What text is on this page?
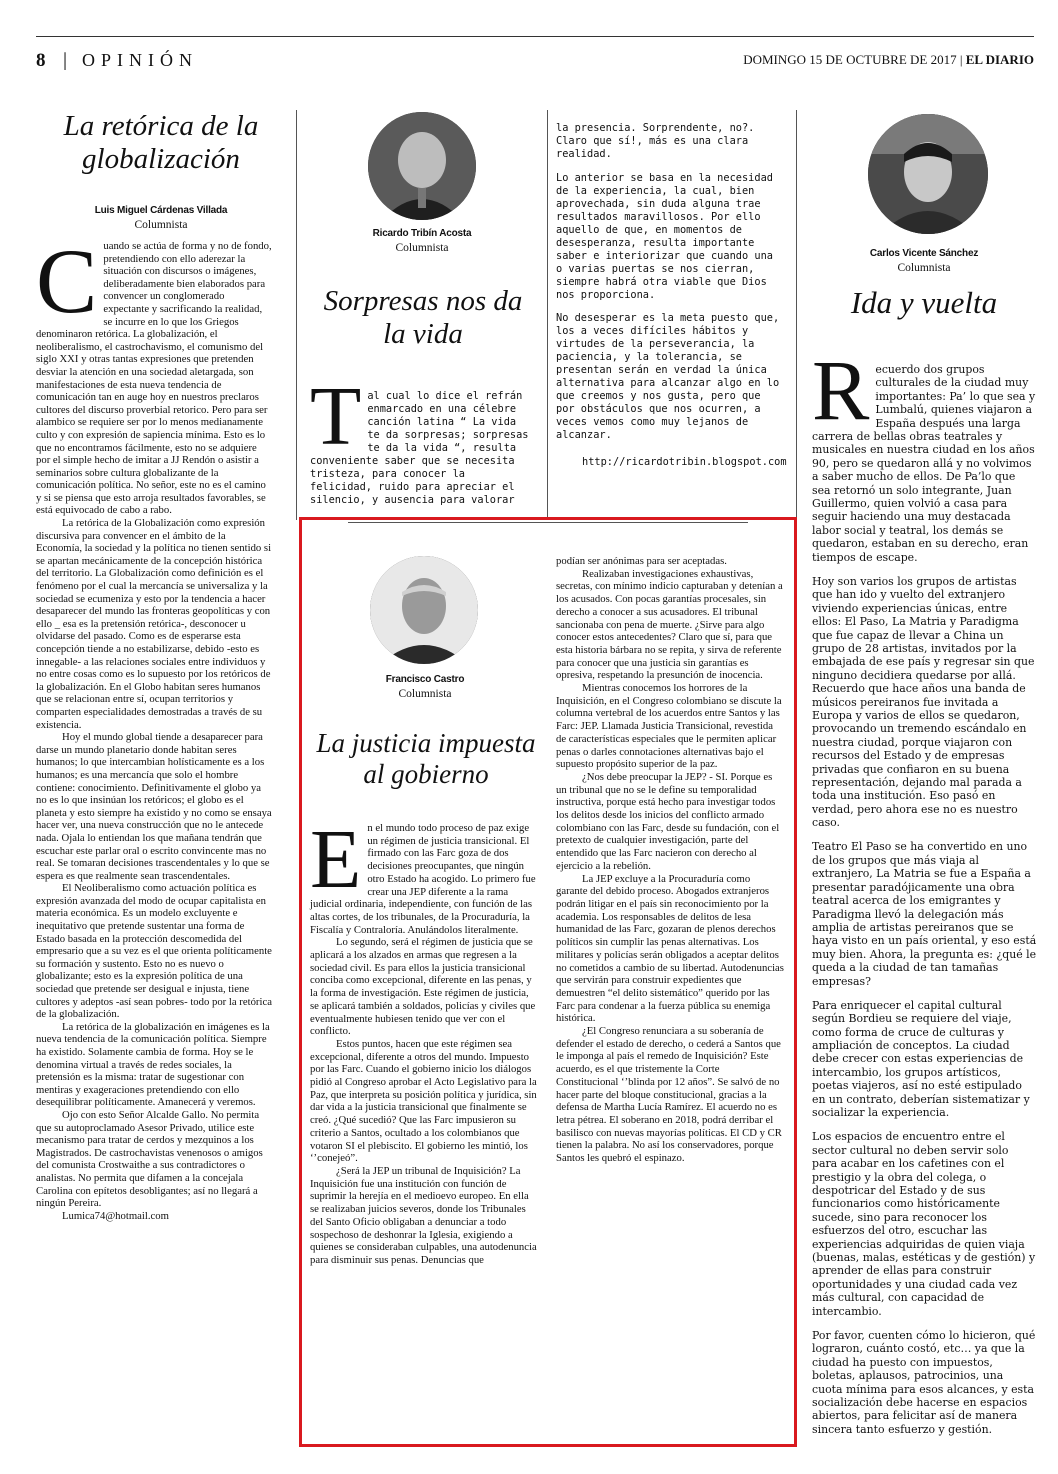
8 | OPINIÓN	DOMINGO 15 DE OCTUBRE DE 2017 | EL DIARIO
La retórica de la
globalización
Luis Miguel Cárdenas Villada
Columnista
C uando se actúa de forma y no de fondo, pretendiendo con ello aderezar la situación con discursos o imágenes, deliberadamente bien elaborados para convencer un conglomerado expectante y sacrificando la realidad, se incurre en lo que los Griegos denominaron retórica. La globalización, el neoliberalismo, el castrochavismo, el comunismo del siglo XXI y otras tantas expresiones que pretenden desviar la atención en una sociedad aletargada, son manifestaciones de esta nueva tendencia de comunicación tan en auge hoy en nuestros preclaros cultores del discurso proverbial retorico. Pero para ser alambico se requiere ser por lo menos medianamente culto y con expresión de sapiencia mínima. Esto es lo que no encontramos fácilmente, esto no se adquiere por el simple hecho de imitar a JJ Rendón o asistir a seminarios sobre cultura globalizante de la comunicación política. No señor, este no es el camino y si se piensa que esto arroja resultados favorables, se está equivocado de cabo a rabo.

La retórica de la Globalización como expresión discursiva para convencer en el ámbito de la Economía, la sociedad y la política no tienen sentido si se apartan mecánicamente de la concepción histórica del territorio. La Globalización como definición es el fenómeno por el cual la mercancía se universaliza y la sociedad se ecumeniza y esto por la tendencia a hacer desaparecer del mundo las fronteras geopolíticas y con ello _ esa es la pretensión retórica-, desconocer u olvidarse del pasado. Como es de esperarse esta concepción tiende a no estabilizarse, debido -esto es innegable- a las relaciones sociales entre individuos y no entre cosas como es lo supuesto por los retóricos de la globalización. En el Globo habitan seres humanos que se relacionan entre sí, ocupan territorios y comparten especialidades demostradas a través de su existencia.

Hoy el mundo global tiende a desaparecer para darse un mundo planetario donde habitan seres humanos; lo que intercambian holísticamente es a los humanos; es una mercancía que solo el hombre contiene: conocimiento. Definitivamente el globo ya no es lo que insinúan los retóricos; el globo es el planeta y esto siempre ha existido y no como se ensaya hacer ver, una nueva construcción que no le antecede nada. Ojala lo entiendan los que mañana tendrán que escuchar este parlar oral o escrito convincente mas no real. Se tomaran decisiones trascendentales y lo que se espera es que realmente sean trascendentales.

El Neoliberalismo como actuación política es expresión avanzada del modo de ocupar capitalista en materia económica. Es un modelo excluyente e inequitativo que pretende sustentar una forma de Estado basada en la protección descomedida del empresario que a su vez es el que orienta políticamente su formación y sustento. Esto no es nuevo o globalizante; esto es la expresión política de una sociedad que pretende ser desigual e injusta, tiene cultores y adeptos -así sean pobres- todo por la retórica de la globalización.

La retórica de la globalización en imágenes es la nueva tendencia de la comunicación política. Siempre ha existido. Solamente cambia de forma. Hoy se le denomina virtual a través de redes sociales, la pretensión es la misma: tratar de sugestionar con mentiras y exageraciones pretendiendo con ello desequilibrar políticamente. Amanecerá y veremos.

Ojo con esto Señor Alcalde Gallo. No permita que su autoproclamado Asesor Privado, utilice este mecanismo para tratar de cerdos y mezquinos a los Magistrados. De castrochavistas venenosos o amigos del comunista Crostwaithe a sus contradictores o analistas. No permita que difamen a la concejala Carolina con epítetos desobligantes; así no llegará a ningún Pereira.

Lumica74@hotmail.com
Ricardo Tribín Acosta
Columnista
Sorpresas nos da
la vida
T al cual lo dice el refrán enmarcado en una célebre canción latina “ La vida te da sorpresas; sorpresas te da la vida “, resulta conveniente saber que se necesita tristeza, para conocer la felicidad, ruido para apreciar el silencio, y ausencia para valorar

la presencia. Sorprendente, no?. Claro que sí!, más es una clara realidad.

Lo anterior se basa en la necesidad de la experiencia, la cual, bien aprovechada, sin duda alguna trae resultados maravillosos. Por ello aquello de que, en momentos de desesperanza, resulta importante saber e interiorizar que cuando una o varias puertas se nos cierran, siempre habrá otra viable que Dios nos proporciona.

No desesperar es la meta puesto que, los a veces difíciles hábitos y virtudes de la perseverancia, la paciencia, y la tolerancia, se presentan serán en verdad la única alternativa para alcanzar algo en lo que creemos y nos gusta, pero que por obstáculos que nos ocurren, a veces vemos como muy lejanos de alcanzar.

http://ricardotribin.blogspot.com
Carlos Vicente Sánchez
Columnista
Ida y vuelta
R ecuerdo dos grupos culturales de la ciudad muy importantes: Pa’ lo que sea y Lumbalú, quienes viajaron a España después una larga carrera de bellas obras teatrales y musicales en nuestra ciudad en los años 90, pero se quedaron allá y no volvimos a saber mucho de ellos. De Pa’lo que sea retornó un solo integrante, Juan Guillermo, quien volvió a casa para seguir haciendo una muy destacada labor social y teatral, los demás se quedaron, estaban en su derecho, eran tiempos de escape.

Hoy son varios los grupos de artistas que han ido y vuelto del extranjero viviendo experiencias únicas, entre ellos: El Paso, La Matria y Paradigma que fue capaz de llevar a China un grupo de 28 artistas, invitados por la embajada de ese país y regresar sin que ninguno decidiera quedarse por allá. Recuerdo que hace años una banda de músicos pereiranos fue invitada a Europa y varios de ellos se quedaron, provocando un tremendo escándalo en nuestra ciudad, porque viajaron con recursos del Estado y de empresas privadas que confiaron en su buena representación, dejando mal parada a toda una institución. Eso pasó en verdad, pero ahora ese no es nuestro caso.

Teatro El Paso se ha convertido en uno de los grupos que más viaja al extranjero, La Matria se fue a España a presentar paradójicamente una obra teatral acerca de los emigrantes y Paradigma llevó la delegación más amplia de artistas pereiranos que se haya visto en un país oriental, y eso está muy bien. Ahora, la pregunta es: ¿qué le queda a la ciudad de tan tamañas empresas?

Para enriquecer el capital cultural según Bordieu se requiere del viaje, como forma de cruce de culturas y ampliación de conceptos. La ciudad debe crecer con estas experiencias de intercambio, los grupos artísticos, poetas viajeros, así no esté estipulado en un contrato, deberían sistematizar y socializar la experiencia.

Los espacios de encuentro entre el sector cultural no deben servir solo para acabar en los cafetines con el prestigio y la obra del colega, o despotricar del Estado y de sus funcionarios como históricamente sucede, sino para reconocer los esfuerzos del otro, escuchar las experiencias adquiridas de quien viaja (buenas, malas, estéticas y de gestión) y aprender de ellas para construir oportunidades y una ciudad cada vez más cultural, con capacidad de intercambio.

Por favor, cuenten cómo lo hicieron, qué lograron, cuánto costó, etc… ya que la ciudad ha puesto con impuestos, boletas, aplausos, patrocinios, una cuota mínima para esos alcances, y esta socialización debe hacerse en espacios abiertos, para felicitar así de manera sincera tanto esfuerzo y gestión.

Francisco Castro
Columnista
La justicia impuesta
al gobierno
E n el mundo todo proceso de paz exige un régimen de justicia transicional. El firmado con las Farc goza de dos decisiones preocupantes, que ningún otro Estado ha acogido. Lo primero fue crear una JEP diferente a la rama judicial ordinaria, independiente, con función de las altas cortes, de los tribunales, de la Procuraduría, la Fiscalía y Contraloría. Anulándolos literalmente.

Lo segundo, será el régimen de justicia que se aplicará a los alzados en armas que regresen a la sociedad civil. Es para ellos la justicia transicional conciba como excepcional, diferente en las penas, y la forma de investigación. Este régimen de justicia, se aplicará también a soldados, policías y civiles que eventualmente hubiesen tenido que ver con el conflicto.

Estos puntos, hacen que este régimen sea excepcional, diferente a otros del mundo. Impuesto por las Farc. Cuando el gobierno inicio los diálogos pidió al Congreso aprobar el Acto Legislativo para la Paz, que interpreta su posición política y jurídica, sin dar vida a la justicia transicional que finalmente se creó. ¿Qué sucedió? Que las Farc impusieron su criterio a Santos, ocultado a los colombianos que votaron SI el plebiscito. El gobierno les mintió, los ‘’conejeó”.

¿Será la JEP un tribunal de Inquisición? La Inquisición fue una institución con función de suprimir la herejía en el medioevo europeo. En ella se realizaban juicios severos, donde los Tribunales del Santo Oficio obligaban a denunciar a todo sospechoso de deshonrar la Iglesia, exigiendo a quienes se consideraban culpables, una autodenuncia para disminuir sus penas. Denuncias que

podían ser anónimas para ser aceptadas.

Realizaban investigaciones exhaustivas, secretas, con mínimo indicio capturaban y detenían a los acusados. Con pocas garantías procesales, sin derecho a conocer a sus acusadores. El tribunal sancionaba con pena de muerte. ¿Sirve para algo conocer estos antecedentes? Claro que sí, para que esta historia bárbara no se repita, y sirva de referente para conocer que una justicia sin garantías es opresiva, respetando la presunción de inocencia.

Mientras conocemos los horrores de la Inquisición, en el Congreso colombiano se discute la columna vertebral de los acuerdos entre Santos y las Farc: JEP. Llamada Justicia Transicional, revestida de características especiales que le permiten aplicar penas o darles connotaciones alternativas bajo el supuesto propósito superior de la paz.

¿Nos debe preocupar la JEP? - SI. Porque es un tribunal que no se le define su temporalidad instructiva, porque está hecho para investigar todos los delitos desde los inicios del conflicto armado colombiano con las Farc, desde su fundación, con el pretexto de cualquier investigación, parte del entendido que las Farc nacieron con derecho al ejercicio a la rebelión.

La JEP excluye a la Procuraduría como garante del debido proceso. Abogados extranjeros podrán litigar en el país sin reconocimiento por la academia. Los responsables de delitos de lesa humanidad de las Farc, gozaran de plenos derechos políticos sin cumplir las penas alternativas. Los militares y policías serán obligados a aceptar delitos no cometidos a cambio de su libertad. Autodenuncias que servirán para construir expedientes que demuestren “el delito sistemático” querido por las Farc para condenar a la fuerza pública su enemiga histórica.

¿El Congreso renunciara a su soberanía de defender el estado de derecho, o cederá a Santos que le imponga al país el remedo de Inquisición? Este acuerdo, es el que tristemente la Corte Constitucional ‘’blinda por 12 años”. Se salvó de no hacer parte del bloque constitucional, gracias a la defensa de Martha Lucía Ramírez. El acuerdo no es letra pétrea. El soberano en 2018, podrá derribar el basilisco con nuevas mayorías políticas. El CD y CR tienen la palabra. No así los conservadores, porque Santos les quebró el espinazo.
